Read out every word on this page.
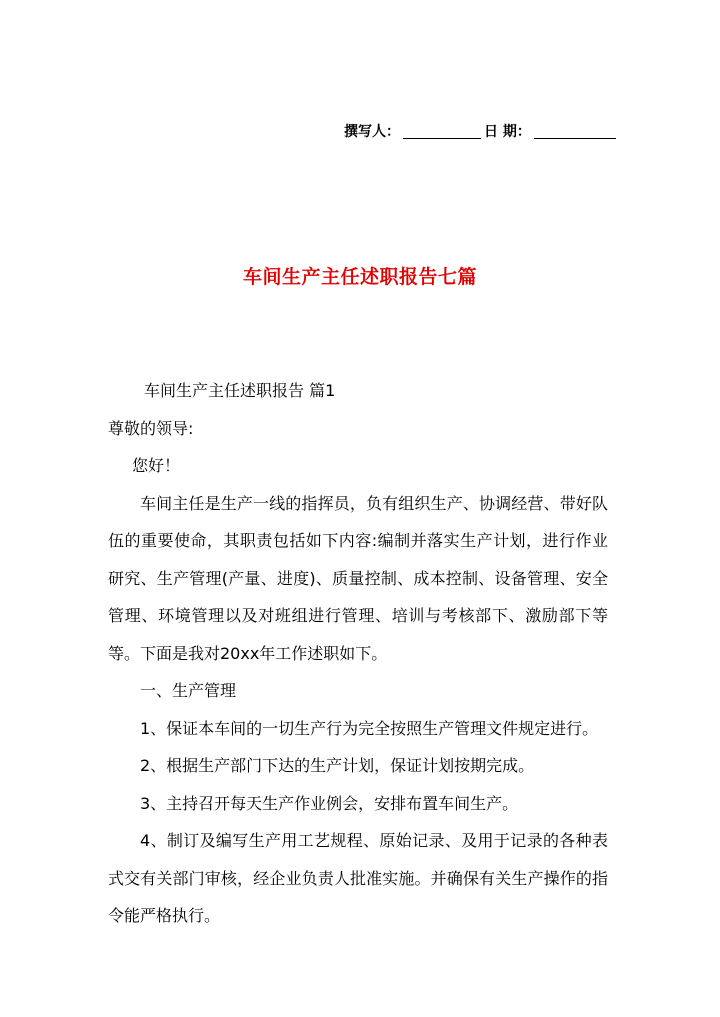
撰写人：	日 期：
车间生产主任述职报告七篇

车间生产主任述职报告 篇1

尊敬的领导:

您好！

车间主任是生产一线的指挥员，负有组织生产、协调经营、带好队伍的重要使命，其职责包括如下内容:编制并落实生产计划，进行作业研究、生产管理(产量、进度)、质量控制、成本控制、设备管理、安全管理、环境管理以及对班组进行管理、培训与考核部下、激励部下等等。下面是我对20xx年工作述职如下。

一、生产管理

1、保证本车间的一切生产行为完全按照生产管理文件规定进行。

2、根据生产部门下达的生产计划，保证计划按期完成。

3、主持召开每天生产作业例会，安排布置车间生产。

4、制订及编写生产用工艺规程、原始记录、及用于记录的各种表式交有关部门审核，经企业负责人批准实施。并确保有关生产操作的指令能严格执行。
